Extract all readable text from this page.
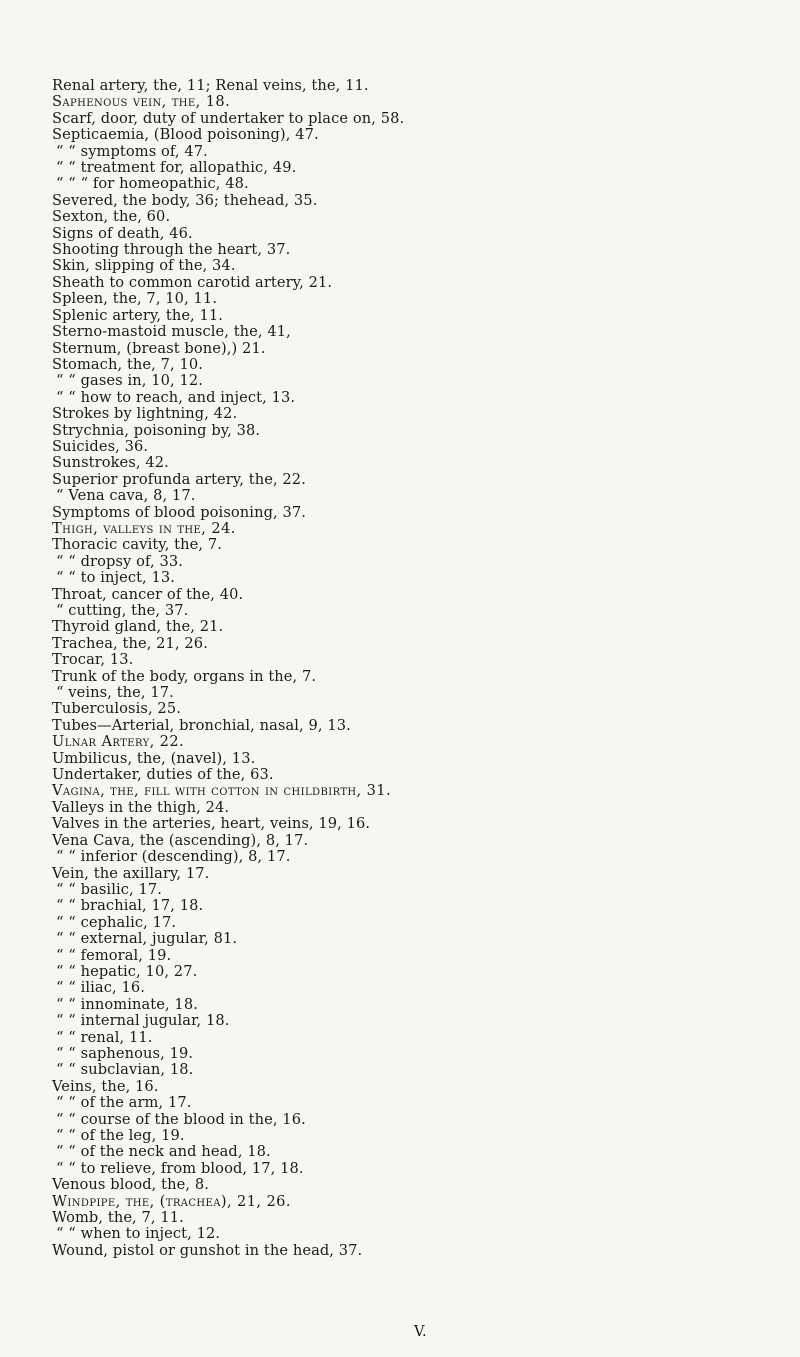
Renal artery, the, 11; Renal veins, the, 11.
Saphenous vein, the, 18.
Scarf, door, duty of undertaker to place on, 58.
Septicaemia, (Blood poisoning), 47.
“ “ symptoms of, 47.
“ “ treatment for, allopathic, 49.
“ “ “ for homeopathic, 48.
Severed, the body, 36; thehead, 35.
Sexton, the, 60.
Signs of death, 46.
Shooting through the heart, 37.
Skin, slipping of the, 34.
Sheath to common carotid artery, 21.
Spleen, the, 7, 10, 11.
Splenic artery, the, 11.
Sterno-mastoid muscle, the, 41,
Sternum, (breast bone),) 21.
Stomach, the, 7, 10.
“ “ gases in, 10, 12.
“ “ how to reach, and inject, 13.
Strokes by lightning, 42.
Strychnia, poisoning by, 38.
Suicides, 36.
Sunstrokes, 42.
Superior profunda artery, the, 22.
“ Vena cava, 8, 17.
Symptoms of blood poisoning, 37.
Thigh, valleys in the, 24.
Thoracic cavity, the, 7.
“ “ dropsy of, 33.
“ “ to inject, 13.
Throat, cancer of the, 40.
“ cutting, the, 37.
Thyroid gland, the, 21.
Trachea, the, 21, 26.
Trocar, 13.
Trunk of the body, organs in the, 7.
“ veins, the, 17.
Tuberculosis, 25.
Tubes—Arterial, bronchial, nasal, 9, 13.
Ulnar Artery, 22.
Umbilicus, the, (navel), 13.
Undertaker, duties of the, 63.
Vagina, the, fill with cotton in childbirth, 31.
Valleys in the thigh, 24.
Valves in the arteries, heart, veins, 19, 16.
Vena Cava, the (ascending), 8, 17.
“ “ inferior (descending), 8, 17.
Vein, the axillary, 17.
“ “ basilic, 17.
“ “ brachial, 17, 18.
“ “ cephalic, 17.
“ “ external, jugular, 81.
“ “ femoral, 19.
“ “ hepatic, 10, 27.
“ “ iliac, 16.
“ “ innominate, 18.
“ “ internal jugular, 18.
“ “ renal, 11.
“ “ saphenous, 19.
“ “ subclavian, 18.
Veins, the, 16.
“ “ of the arm, 17.
“ “ course of the blood in the, 16.
“ “ of the leg, 19.
“ “ of the neck and head, 18.
“ “ to relieve, from blood, 17, 18.
Venous blood, the, 8.
Windpipe, the, (trachea), 21, 26.
Womb, the, 7, 11.
“ “ when to inject, 12.
Wound, pistol or gunshot in the head, 37.
V.
